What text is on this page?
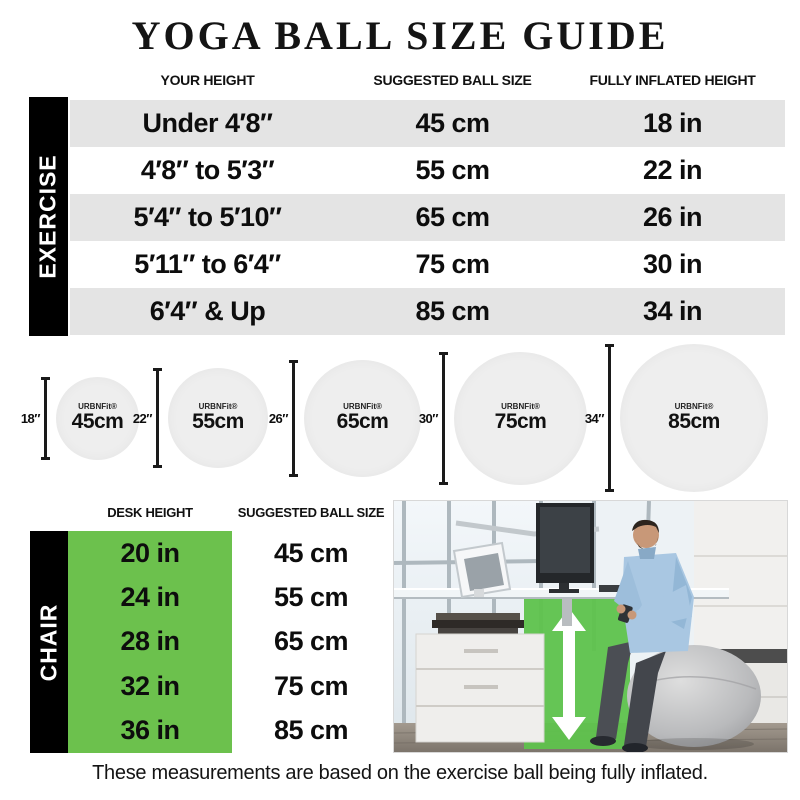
YOGA BALL SIZE GUIDE
YOUR HEIGHT	SUGGESTED BALL SIZE	FULLY INFLATED HEIGHT
EXERCISE
Under 4′8″	45 cm	18 in
4′8″ to 5′3″	55 cm	22 in
5′4″ to 5′10″	65 cm	26 in
5′11″ to 6′4″	75 cm	30 in
6′4″ & Up	85 cm	34 in
18″
URBNFit®
45cm 22″
URBNFit®
55cm	26″
URBNFit®
65cm	30″
URBNFit®
75cm	34″
URBNFit®
85cm
DESK HEIGHT	SUGGESTED BALL SIZE
CHAIR
20 in	45 cm
24 in	55 cm
28 in	65 cm
32 in	75 cm
36 in	85 cm
These measurements are based on the exercise ball being fully inflated.
